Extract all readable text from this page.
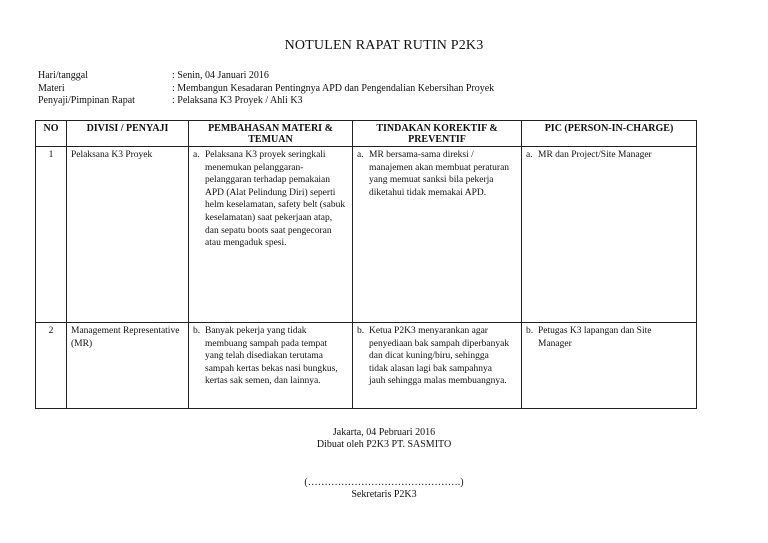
NOTULEN RAPAT RUTIN P2K3
Hari/tanggal	: Senin, 04 Januari 2016
Materi	: Membangun Kesadaran Pentingnya APD dan Pengendalian Kebersihan Proyek
Penyaji/Pimpinan Rapat	: Pelaksana K3 Proyek / Ahli K3
NO	DIVISI / PENYAJI	PEMBAHASAN MATERI & TEMUAN	TINDAKAN KOREKTIF & PREVENTIF	PIC (PERSON-IN-CHARGE)
1	Pelaksana K3 Proyek	a. Pelaksana K3 proyek seringkali menemukan pelanggaran-pelanggaran terhadap pemakaian APD (Alat Pelindung Diri) seperti helm keselamatan, safety belt (sabuk keselamatan) saat pekerjaan atap, dan sepatu boots saat pengecoran atau mengaduk spesi.	a. MR bersama-sama direksi / manajemen akan membuat peraturan yang memuat sanksi bila pekerja diketahui tidak memakai APD.	a. MR dan Project/Site Manager

2	Management Representative (MR)	b. Banyak pekerja yang tidak membuang sampah pada tempat yang telah disediakan terutama sampah kertas bekas nasi bungkus, kertas sak semen, dan lainnya.	b. Ketua P2K3 menyarankan agar penyediaan bak sampah diperbanyak dan dicat kuning/biru, sehingga tidak alasan lagi bak sampahnya jauh sehingga malas membuangnya.	b. Petugas K3 lapangan dan Site Manager
Jakarta, 04 Pebruari 2016
Dibuat oleh P2K3 PT. SASMITO
(……………………………………….)
Sekretaris P2K3
